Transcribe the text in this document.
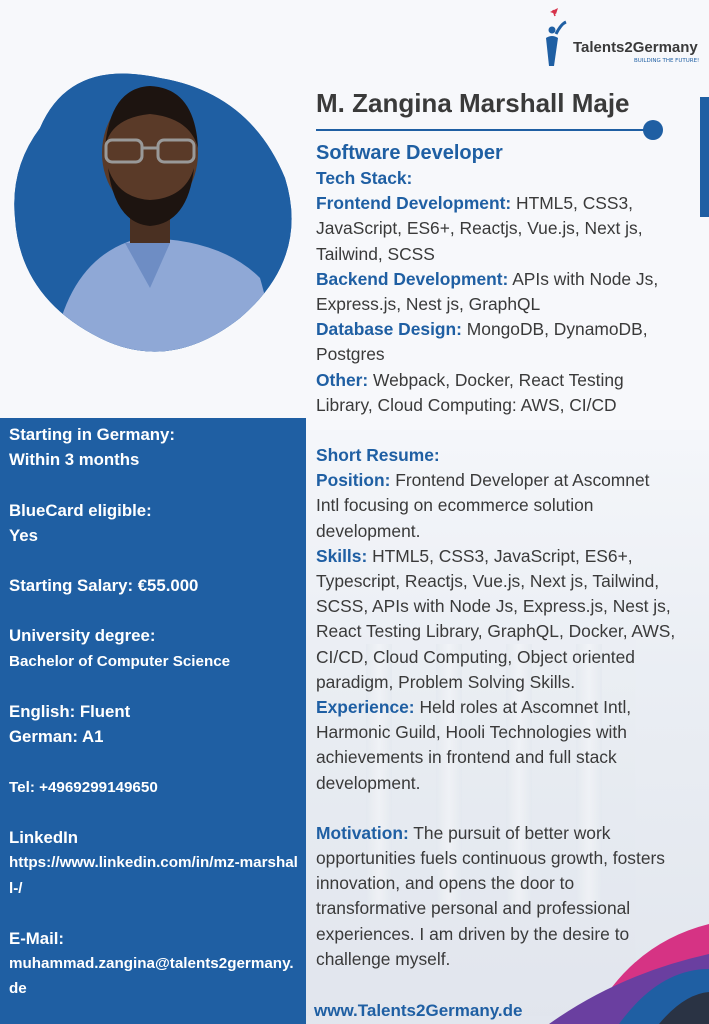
Talents2Germany
BUILDING THE FUTURE!
M. Zangina Marshall Maje

Software Developer

Tech Stack:

Frontend Development: HTML5, CSS3, JavaScript, ES6+, Reactjs, Vue.js, Next js, Tailwind, SCSS

Backend Development: APIs with Node Js, Express.js, Nest js, GraphQL

Database Design: MongoDB, DynamoDB, Postgres

Other: Webpack, Docker, React Testing Library, Cloud Computing: AWS, CI/CD

Short Resume:

Position: Frontend Developer at Ascomnet Intl focusing on ecommerce solution development.

Skills: HTML5, CSS3, JavaScript, ES6+, Typescript, Reactjs, Vue.js, Next js, Tailwind, SCSS, APIs with Node Js, Express.js, Nest js, React Testing Library, GraphQL, Docker, AWS, CI/CD, Cloud Computing, Object oriented paradigm, Problem Solving Skills.

Experience: Held roles at Ascomnet Intl, Harmonic Guild, Hooli Technologies with achievements in frontend and full stack development.

Motivation: The pursuit of better work opportunities fuels continuous growth, fosters innovation, and opens the door to transformative personal and professional experiences. I am driven by the desire to challenge myself.

Starting in Germany:

Within 3 months

BlueCard eligible:

Yes

Starting Salary: €55.000

University degree:

Bachelor of Computer Science

English: Fluent

German: A1

Tel: +4969299149650

LinkedIn

https://www.linkedin.com/in/mz-marshall-/

E-Mail:

muhammad.zangina@talents2germany.de

www.Talents2Germany.de
